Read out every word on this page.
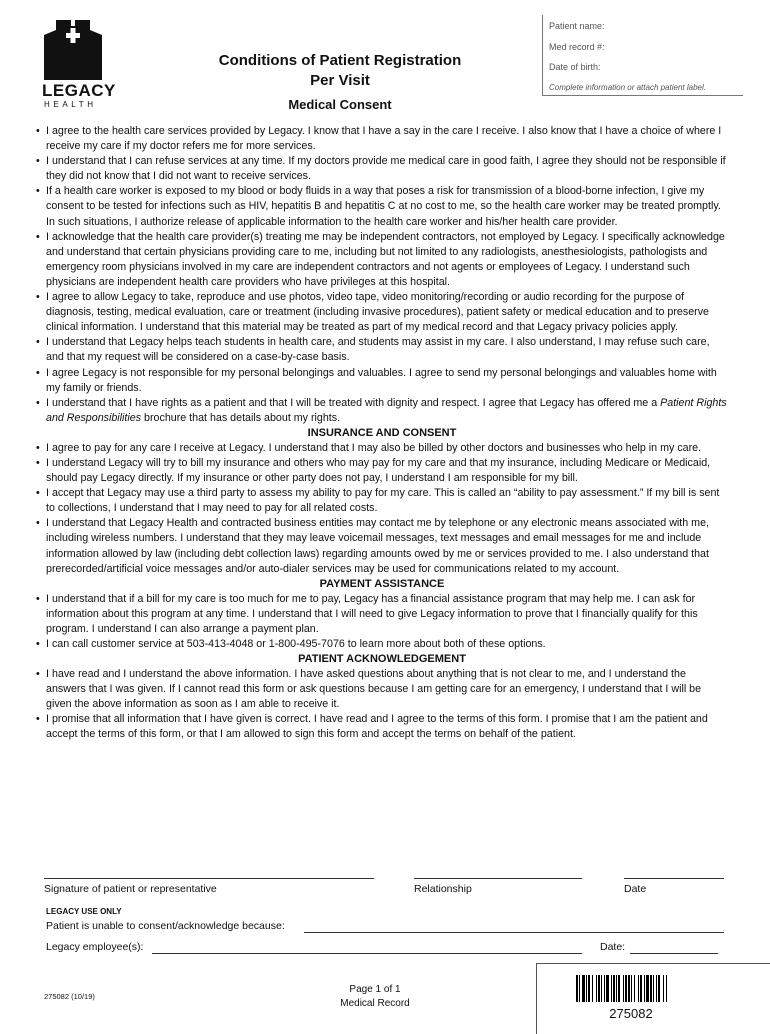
LEGACY
HEALTH
Conditions of Patient Registration
Per Visit
Medical Consent
Patient name:
Med record #:
Date of birth:
Complete information or attach patient label.
• I agree to the health care services provided by Legacy. I know that I have a say in the care I receive. I also know that I have a choice of where I receive my care if my doctor refers me for more services.
• I understand that I can refuse services at any time. If my doctors provide me medical care in good faith, I agree they should not be responsible if they did not know that I did not want to receive services.
• If a health care worker is exposed to my blood or body fluids in a way that poses a risk for transmission of a blood-borne infection, I give my consent to be tested for infections such as HIV, hepatitis B and hepatitis C at no cost to me, so the health care worker may be treated promptly. In such situations, I authorize release of applicable information to the health care worker and his/her health care provider.
• I acknowledge that the health care provider(s) treating me may be independent contractors, not employed by Legacy. I specifically acknowledge and understand that certain physicians providing care to me, including but not limited to any radiologists, anesthesiologists, pathologists and emergency room physicians involved in my care are independent contractors and not agents or employees of Legacy. I understand such physicians are independent health care providers who have privileges at this hospital.
• I agree to allow Legacy to take, reproduce and use photos, video tape, video monitoring/recording or audio recording for the purpose of diagnosis, testing, medical evaluation, care or treatment (including invasive procedures), patient safety or medical education and to preserve clinical information. I understand that this material may be treated as part of my medical record and that Legacy privacy policies apply.
• I understand that Legacy helps teach students in health care, and students may assist in my care. I also understand, I may refuse such care, and that my request will be considered on a case-by-case basis.
• I agree Legacy is not responsible for my personal belongings and valuables. I agree to send my personal belongings and valuables home with my family or friends.
• I understand that I have rights as a patient and that I will be treated with dignity and respect. I agree that Legacy has offered me a Patient Rights and Responsibilities brochure that has details about my rights.
INSURANCE AND CONSENT
• I agree to pay for any care I receive at Legacy. I understand that I may also be billed by other doctors and businesses who help in my care.
• I understand Legacy will try to bill my insurance and others who may pay for my care and that my insurance, including Medicare or Medicaid, should pay Legacy directly. If my insurance or other party does not pay, I understand I am responsible for my bill.
• I accept that Legacy may use a third party to assess my ability to pay for my care. This is called an “ability to pay assessment.” If my bill is sent to collections, I understand that I may need to pay for all related costs.
• I understand that Legacy Health and contracted business entities may contact me by telephone or any electronic means associated with me, including wireless numbers. I understand that they may leave voicemail messages, text messages and email messages for me and include information allowed by law (including debt collection laws) regarding amounts owed by me or services provided to me. I also understand that prerecorded/artificial voice messages and/or auto-dialer services may be used for communications related to my account.
PAYMENT ASSISTANCE
• I understand that if a bill for my care is too much for me to pay, Legacy has a financial assistance program that may help me. I can ask for information about this program at any time. I understand that I will need to give Legacy information to prove that I financially qualify for this program. I understand I can also arrange a payment plan.
• I can call customer service at 503-413-4048 or 1-800-495-7076 to learn more about both of these options.
PATIENT ACKNOWLEDGEMENT
• I have read and I understand the above information. I have asked questions about anything that is not clear to me, and I understand the answers that I was given. If I cannot read this form or ask questions because I am getting care for an emergency, I understand that I will be given the above information as soon as I am able to receive it.
• I promise that all information that I have given is correct. I have read and I agree to the terms of this form. I promise that I am the patient and accept the terms of this form, or that I am allowed to sign this form and accept the terms on behalf of the patient.
Signature of patient or representative	Relationship	Date
LEGACY USE ONLY
Patient is unable to consent/acknowledge because:
Legacy employee(s):	Date:
275082 (10/19)
Page 1 of 1
Medical Record
275082
